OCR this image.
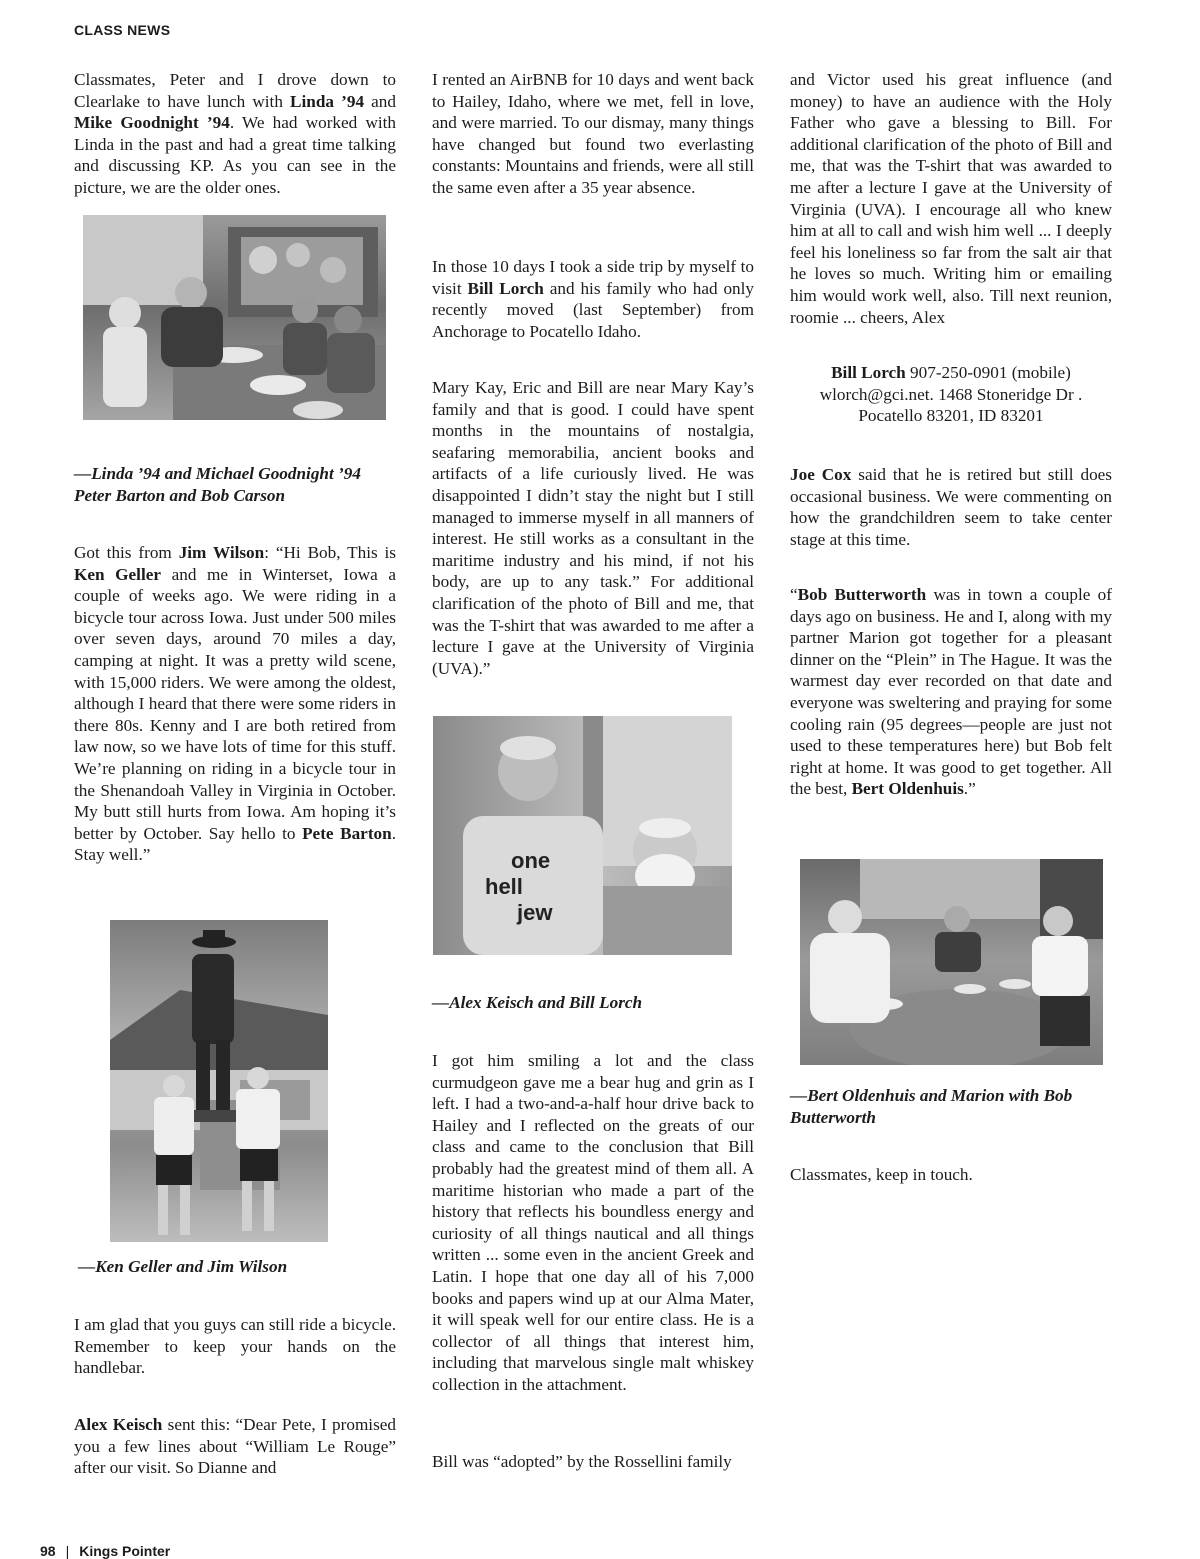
CLASS NEWS

Classmates, Peter and I drove down to Clearlake to have lunch with Linda ’94 and Mike Goodnight ’94. We had worked with Linda in the past and had a great time talking and discussing KP. As you can see in the picture, we are the older ones.

—Linda ’94 and Michael Goodnight ’94

Peter Barton and Bob Carson

Got this from Jim Wilson: “Hi Bob, This is Ken Geller and me in Winterset, Iowa a couple of weeks ago. We were riding in a bicycle tour across Iowa. Just under 500 miles over seven days, around 70 miles a day, camping at night. It was a pretty wild scene, with 15,000 riders. We were among the oldest, although I heard that there were some riders in there 80s. Kenny and I are both retired from law now, so we have lots of time for this stuff. We’re planning on riding in a bicycle tour in the Shenandoah Valley in Virginia in October. My butt still hurts from Iowa. Am hoping it’s better by October. Say hello to Pete Barton. Stay well.”

—Ken Geller and Jim Wilson

I am glad that you guys can still ride a bicycle. Remember to keep your hands on the handlebar.

Alex Keisch sent this: “Dear Pete, I promised you a few lines about “William Le Rouge” after our visit. So Dianne and

I rented an AirBNB for 10 days and went back to Hailey, Idaho, where we met, fell in love, and were married. To our dismay, many things have changed but found two everlasting constants: Mountains and friends, were all still the same even after a 35 year absence.

In those 10 days I took a side trip by myself to visit Bill Lorch and his family who had only recently moved (last September) from Anchorage to Pocatello Idaho.

Mary Kay, Eric and Bill are near Mary Kay’s family and that is good. I could have spent months in the mountains of nostalgia, seafaring memorabilia, ancient books and artifacts of a life curiously lived. He was disappointed I didn’t stay the night but I still managed to immerse myself in all manners of interest. He still works as a consultant in the maritime industry and his mind, if not his body, are up to any task.” For additional clarification of the photo of Bill and me, that was the T-shirt that was awarded to me after a lecture I gave at the University of Virginia (UVA).”

one
hell
jew
—Alex Keisch and Bill Lorch

I got him smiling a lot and the class curmudgeon gave me a bear hug and grin as I left. I had a two-and-a-half hour drive back to Hailey and I reflected on the greats of our class and came to the conclusion that Bill probably had the greatest mind of them all. A maritime historian who made a part of the history that reflects his boundless energy and curiosity of all things nautical and all things written ... some even in the ancient Greek and Latin. I hope that one day all of his 7,000 books and papers wind up at our Alma Mater, it will speak well for our entire class. He is a collector of all things that interest him, including that marvelous single malt whiskey collection in the attachment.

Bill was “adopted” by the Rossellini family

and Victor used his great influence (and money) to have an audience with the Holy Father who gave a blessing to Bill. For additional clarification of the photo of Bill and me, that was the T-shirt that was awarded to me after a lecture I gave at the University of Virginia (UVA). I encourage all who knew him at all to call and wish him well ... I deeply feel his loneliness so far from the salt air that he loves so much. Writing him or emailing him would work well, also. Till next reunion, roomie ... cheers, Alex

Bill Lorch 907-250-0901 (mobile)

wlorch@gci.net. 1468 Stoneridge Dr .

Pocatello 83201, ID 83201

Joe Cox said that he is retired but still does occasional business. We were commenting on how the grandchildren seem to take center stage at this time.

“Bob Butterworth was in town a couple of days ago on business. He and I, along with my partner Marion got together for a pleasant dinner on the “Plein” in The Hague. It was the warmest day ever recorded on that date and everyone was sweltering and praying for some cooling rain (95 degrees—people are just not used to these temperatures here) but Bob felt right at home. It was good to get together. All the best, Bert Oldenhuis.”

—Bert Oldenhuis and Marion with Bob Butterworth

Classmates, keep in touch.

98 | Kings Pointer
